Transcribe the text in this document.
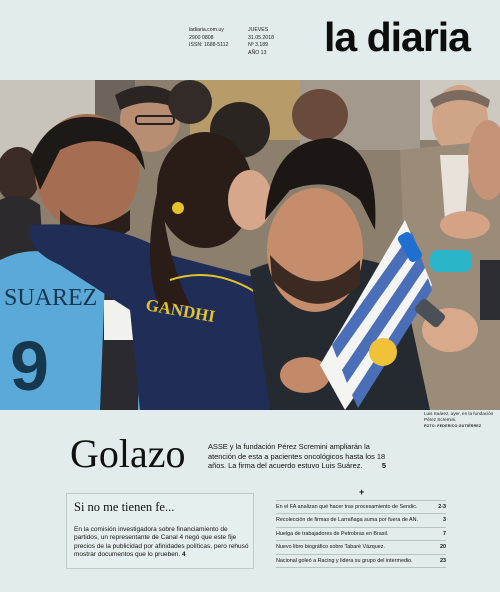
ladiaria.com.uy
2900 0808
ISSN: 1688-5112
JUEVES
31.05.2018
Nº 3.189
AÑO 13 la diaria
SUAREZ
9
GANDHI
Luis Suárez, ayer, en la fundación Pérez Scremini.
FOTO: FEDERICO GUTIÉRREZ
Golazo	ASSE y la fundación Pérez Scremini ampliarán la atención de esta a pacientes oncológicos hasta los 18 años. La firma del acuerdo estuvo Luis Suárez.	5
Si no me tienen fe...
En la comisión investigadora sobre financiamiento de partidos, un representante de Canal 4 negó que este fije precios de la publicidad por afinidades políticas, pero rehusó mostrar documentos que lo prueben. 4
+
En el FA analizan qué hacer tras procesamiento de Sendic.	2-3
Recolección de firmas de Larrañaga suma por fuera de AN.	3
Huelga de trabajadores de Petrobras en Brasil.	7
Nuevo libro biográfico sobre Tabaré Vázquez.	20
Nacional goleó a Racing y lidera su grupo del intermedio.	23
